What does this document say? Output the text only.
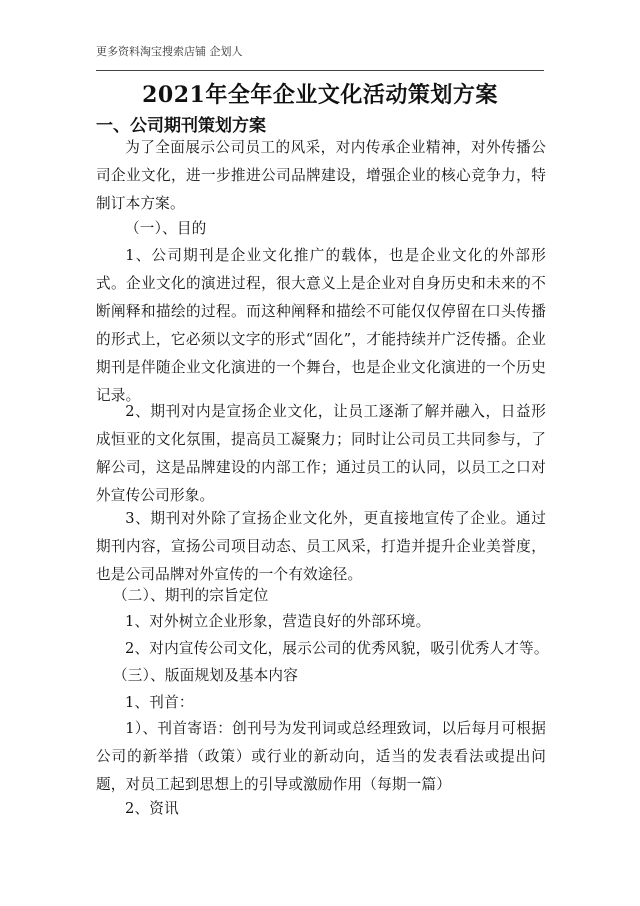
更多资料淘宝搜索店铺 企划人
2021年全年企业文化活动策划方案
一、公司期刊策划方案
为了全面展示公司员工的风采，对内传承企业精神，对外传播公司企业文化，进一步推进公司品牌建设，增强企业的核心竞争力，特制订本方案。
（一）、目的
1、公司期刊是企业文化推广的载体，也是企业文化的外部形式。企业文化的演进过程，很大意义上是企业对自身历史和未来的不断阐释和描绘的过程。而这种阐释和描绘不可能仅仅停留在口头传播的形式上，它必须以文字的形式“固化”，才能持续并广泛传播。企业期刊是伴随企业文化演进的一个舞台，也是企业文化演进的一个历史记录。
2、期刊对内是宣扬企业文化，让员工逐渐了解并融入，日益形成恒亚的文化氛围，提高员工凝聚力；同时让公司员工共同参与，了解公司，这是品牌建设的内部工作；通过员工的认同，以员工之口对外宣传公司形象。
3、期刊对外除了宣扬企业文化外，更直接地宣传了企业。通过期刊内容，宣扬公司项目动态、员工风采，打造并提升企业美誉度，也是公司品牌对外宣传的一个有效途径。
（二）、期刊的宗旨定位
1、对外树立企业形象，营造良好的外部环境。
2、对内宣传公司文化，展示公司的优秀风貌，吸引优秀人才等。
（三）、版面规划及基本内容
1、刊首：
1）、刊首寄语：创刊号为发刊词或总经理致词，以后每月可根据公司的新举措（政策）或行业的新动向，适当的发表看法或提出问题，对员工起到思想上的引导或激励作用（每期一篇）
2、资讯
